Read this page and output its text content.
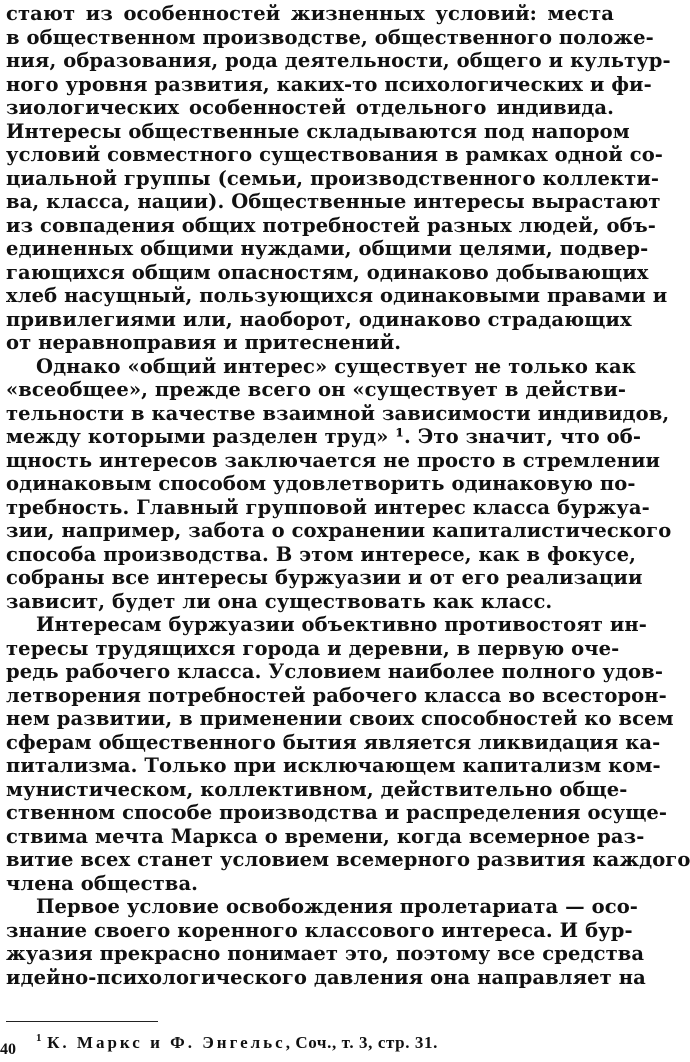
стают из особенностей жизненных условий: места
в общественном производстве, общественного положе-
ния, образования, рода деятельности, общего и культур-
ного уровня развития, каких-то психологических и фи-
зиологических особенностей отдельного индивида.
Интересы общественные складываются под напором
условий совместного существования в рамках одной со-
циальной группы (семьи, производственного коллекти-
ва, класса, нации). Общественные интересы вырастают
из совпадения общих потребностей разных людей, объ-
единенных общими нуждами, общими целями, подвер-
гающихся общим опасностям, одинаково добывающих
хлеб насущный, пользующихся одинаковыми правами и
привилегиями или, наоборот, одинаково страдающих
от неравноправия и притеснений.
Однако «общий интерес» существует не только как
«всеобщее», прежде всего он «существует в действи-
тельности в качестве взаимной зависимости индивидов,
между которыми разделен труд» ¹. Это значит, что об-
щность интересов заключается не просто в стремлении
одинаковым способом удовлетворить одинаковую по-
требность. Главный групповой интерес класса буржуа-
зии, например, забота о сохранении капиталистического
способа производства. В этом интересе, как в фокусе,
собраны все интересы буржуазии и от его реализации
зависит, будет ли она существовать как класс.
Интересам буржуазии объективно противостоят ин-
тересы трудящихся города и деревни, в первую оче-
редь рабочего класса. Условием наиболее полного удов-
летворения потребностей рабочего класса во всесторон-
нем развитии, в применении своих способностей ко всем
сферам общественного бытия является ликвидация ка-
питализма. Только при исключающем капитализм ком-
мунистическом, коллективном, действительно обще-
ственном способе производства и распределения осуще-
ствима мечта Маркса о времени, когда всемерное раз-
витие всех станет условием всемерного развития каждого
члена общества.
Первое условие освобождения пролетариата — осо-
знание своего коренного классового интереса. И бур-
жуазия прекрасно понимает это, поэтому все средства
идейно-психологического давления она направляет на
$^1$ К. Маркс и Ф. Энгельс, Соч., т. 3, стр. 31.
40
